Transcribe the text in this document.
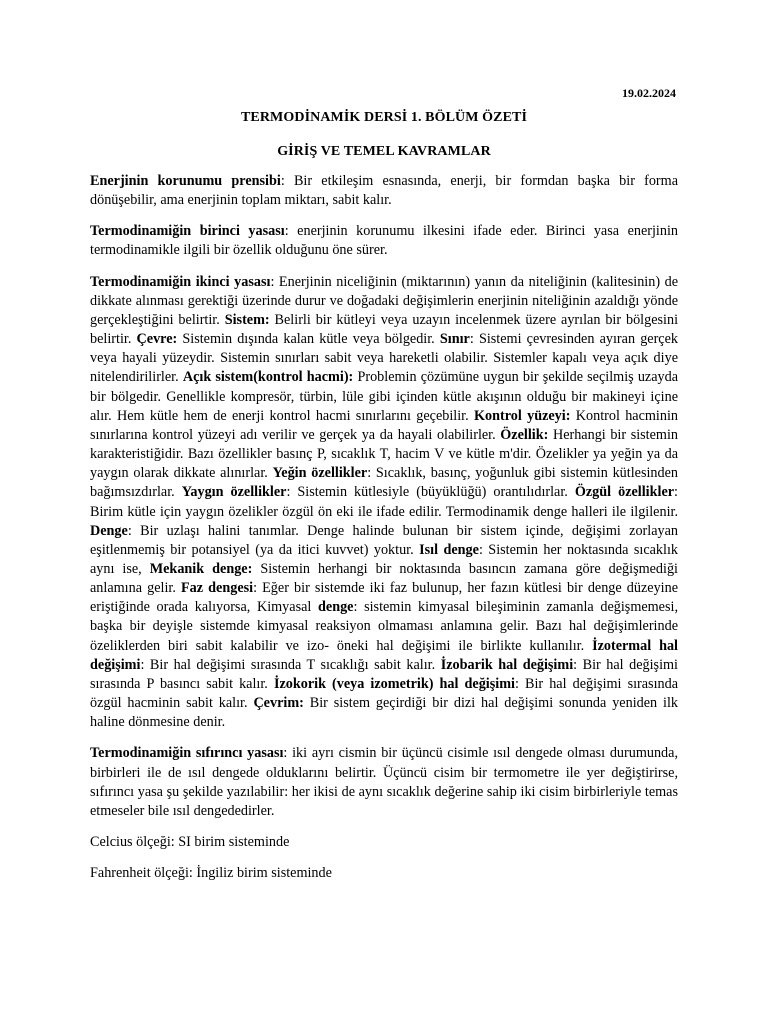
19.02.2024
TERMODİNAMİK DERSİ 1. BÖLÜM ÖZETİ
GİRİŞ VE TEMEL KAVRAMLAR

Enerjinin korunumu prensibi: Bir etkileşim esnasında, enerji, bir formdan başka bir forma dönüşebilir, ama enerjinin toplam miktarı, sabit kalır.

Termodinamiğin birinci yasası: enerjinin korunumu ilkesini ifade eder. Birinci yasa enerjinin termodinamikle ilgili bir özellik olduğunu öne sürer.

Termodinamiğin ikinci yasası: Enerjinin niceliğinin (miktarının) yanın da niteliğinin (kalitesinin) de dikkate alınması gerektiği üzerinde durur ve doğadaki değişimlerin enerjinin niteliğinin azaldığı yönde gerçekleştiğini belirtir. Sistem: Belirli bir kütleyi veya uzayın incelenmek üzere ayrılan bir bölgesini belirtir. Çevre: Sistemin dışında kalan kütle veya bölgedir. Sınır: Sistemi çevresinden ayıran gerçek veya hayali yüzeydir. Sistemin sınırları sabit veya hareketli olabilir. Sistemler kapalı veya açık diye nitelendirilirler. Açık sistem(kontrol hacmi): Problemin çözümüne uygun bir şekilde seçilmiş uzayda bir bölgedir. Genellikle kompresör, türbin, lüle gibi içinden kütle akışının olduğu bir makineyi içine alır. Hem kütle hem de enerji kontrol hacmi sınırlarını geçebilir. Kontrol yüzeyi: Kontrol hacminin sınırlarına kontrol yüzeyi adı verilir ve gerçek ya da hayali olabilirler. Özellik: Herhangi bir sistemin karakteristiğidir. Bazı özellikler basınç P, sıcaklık T, hacim V ve kütle m'dir. Özelikler ya yeğin ya da yaygın olarak dikkate alınırlar. Yeğin özellikler: Sıcaklık, basınç, yoğunluk gibi sistemin kütlesinden bağımsızdırlar. Yaygın özellikler: Sistemin kütlesiyle (büyüklüğü) orantılıdırlar. Özgül özellikler: Birim kütle için yaygın özelikler özgül ön eki ile ifade edilir. Termodinamik denge halleri ile ilgilenir. Denge: Bir uzlaşı halini tanımlar. Denge halinde bulunan bir sistem içinde, değişimi zorlayan eşitlenmemiş bir potansiyel (ya da itici kuvvet) yoktur. Isıl denge: Sistemin her noktasında sıcaklık aynı ise, Mekanik denge: Sistemin herhangi bir noktasında basıncın zamana göre değişmediği anlamına gelir. Faz dengesi: Eğer bir sistemde iki faz bulunup, her fazın kütlesi bir denge düzeyine eriştiğinde orada kalıyorsa, Kimyasal denge: sistemin kimyasal bileşiminin zamanla değişmemesi, başka bir deyişle sistemde kimyasal reaksiyon olmaması anlamına gelir. Bazı hal değişimlerinde özeliklerden biri sabit kalabilir ve izo- öneki hal değişimi ile birlikte kullanılır. İzotermal hal değişimi: Bir hal değişimi sırasında T sıcaklığı sabit kalır. İzobarik hal değişimi: Bir hal değişimi sırasında P basıncı sabit kalır. İzokorik (veya izometrik) hal değişimi: Bir hal değişimi sırasında özgül hacminin sabit kalır. Çevrim: Bir sistem geçirdiği bir dizi hal değişimi sonunda yeniden ilk haline dönmesine denir.

Termodinamiğin sıfırıncı yasası: iki ayrı cismin bir üçüncü cisimle ısıl dengede olması durumunda, birbirleri ile de ısıl dengede olduklarını belirtir. Üçüncü cisim bir termometre ile yer değiştirirse, sıfırıncı yasa şu şekilde yazılabilir: her ikisi de aynı sıcaklık değerine sahip iki cisim birbirleriyle temas etmeseler bile ısıl dengededirler.

Celcius ölçeği: SI birim sisteminde

Fahrenheit ölçeği: İngiliz birim sisteminde
